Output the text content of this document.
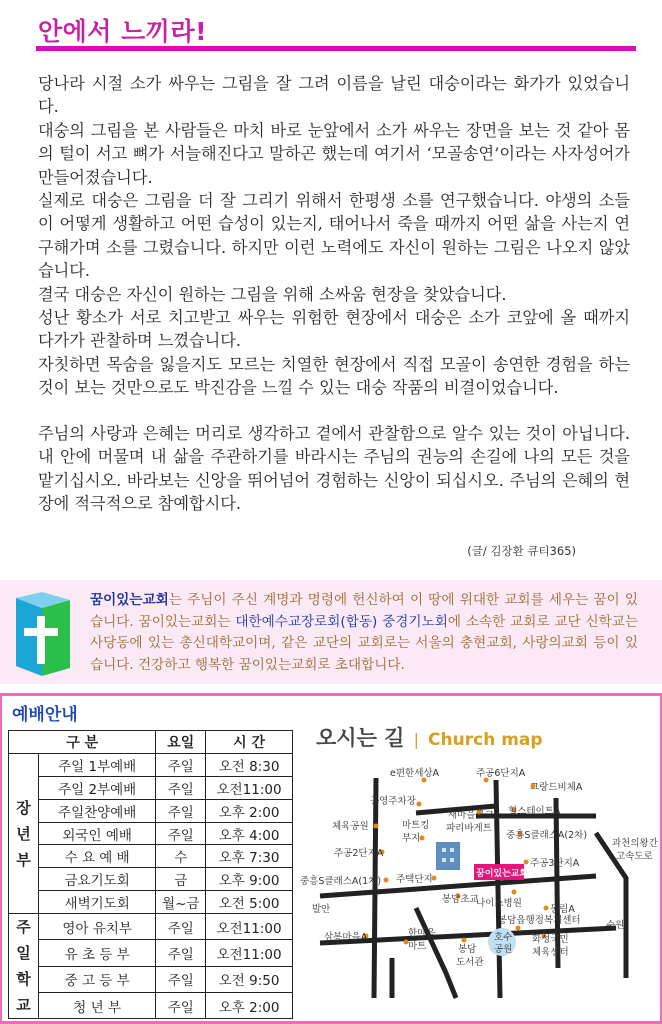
안에서 느끼라!

당나라 시절 소가 싸우는 그림을 잘 그려 이름을 날린 대숭이라는 화가가 있었습니다.

대숭의 그림을 본 사람들은 마치 바로 눈앞에서 소가 싸우는 장면을 보는 것 같아 몸의 털이 서고 뼈가 서늘해진다고 말하곤 했는데 여기서 ‘모골송연’이라는 사자성어가 만들어졌습니다.

실제로 대숭은 그림을 더 잘 그리기 위해서 한평생 소를 연구했습니다. 야생의 소들이 어떻게 생활하고 어떤 습성이 있는지, 태어나서 죽을 때까지 어떤 삶을 사는지 연구해가며 소를 그렸습니다. 하지만 이런 노력에도 자신이 원하는 그림은 나오지 않았습니다.

결국 대숭은 자신이 원하는 그림을 위해 소싸움 현장을 찾았습니다.

성난 황소가 서로 치고받고 싸우는 위험한 현장에서 대숭은 소가 코앞에 올 때까지 다가가 관찰하며 느꼈습니다.

자칫하면 목숨을 잃을지도 모르는 치열한 현장에서 직접 모골이 송연한 경험을 하는 것이 보는 것만으로도 박진감을 느낄 수 있는 대숭 작품의 비결이었습니다.

주님의 사랑과 은혜는 머리로 생각하고 곁에서 관찰함으로 알수 있는 것이 아닙니다. 내 안에 머물며 내 삶을 주관하기를 바라시는 주님의 권능의 손길에 나의 모든 것을 맡기십시오. 바라보는 신앙을 뛰어넘어 경험하는 신앙이 되십시오. 주님의 은혜의 현장에 적극적으로 참예합시다.

(글/ 김장환 큐티365)
꿈이있는교회는 주님이 주신 계명과 명령에 헌신하여 이 땅에 위대한 교회를 세우는 꿈이 있습니다. 꿈이있는교회는 대한예수교장로회(합동) 중경기노회에 소속한 교회로 교단 신학교는 사당동에 있는 총신대학교이며, 같은 교단의 교회로는 서울의 충현교회, 사랑의교회 등이 있습니다. 건강하고 행복한 꿈이있는교회로 초대합니다.
예배안내
구 분		요일	시 간
장
년
부	주일 1부예배	주일	오전 8:30
	주일 2부예배	주일	오전11:00
	주일찬양예배	주일	오후 2:00
	외국인 예배	주일	오후 4:00
	수 요 예 배	수	오후 7:30
	금요기도회	금	오후 9:00
	새벽기도회	월~금	오전 5:00
주
일
학
교	영아 유치부	주일	오전11:00
	유 초 등 부	주일	오전11:00
	중 고 등 부	주일	오전 9:50
	청 년 부	주일	오후 2:00
오시는 길 | Church map
꿈이있는교회
e편한세상A	주공6단지A
그랑드비체A
공영주차장
새마을금고
파리바게트
힐스테이트A
체육공원	마트킹
부지	중흥S클래스A(2차)
과천의왕간
고속도로
주공2단지A
주공3단지A
중흥S클래스A(1차) 주택단지
봉담초교
나이스병원
동림A
발안
봉담읍행정복지센터	수원
삼봉마을A	한마음
마트
호수
공원
화성국민
체육센터
봉담
도서관
